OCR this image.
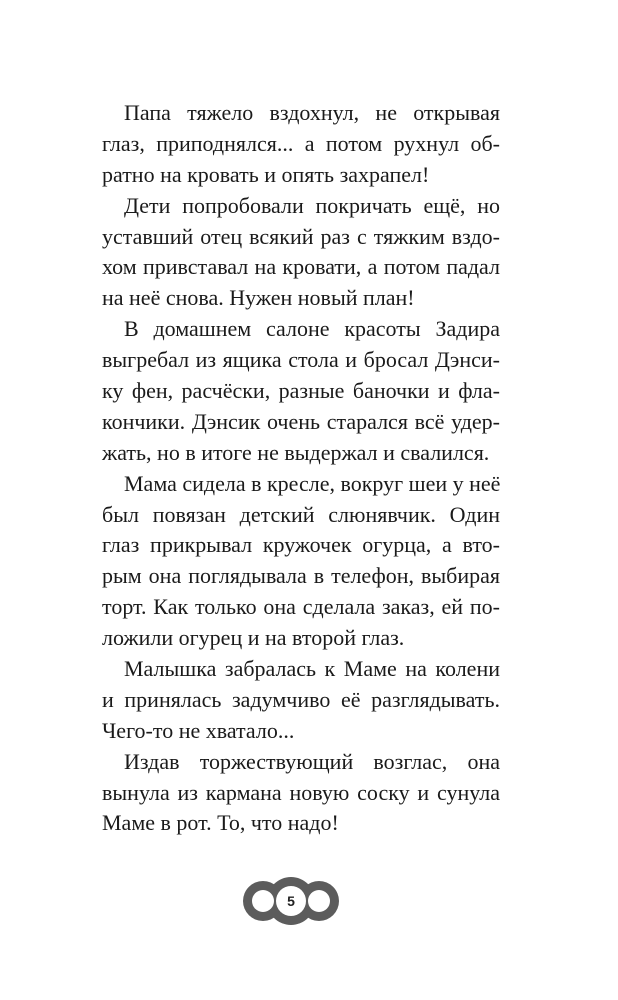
Папа тяжело вздохнул, не открывая
глаз, приподнялся... а потом рухнул об-
ратно на кровать и опять захрапел!
Дети попробовали покричать ещё, но
уставший отец всякий раз с тяжким вздо-
хом привставал на кровати, а потом падал
на неё снова. Нужен новый план!
В домашнем салоне красоты Задира
выгребал из ящика стола и бросал Дэнси-
ку фен, расчёски, разные баночки и фла-
кончики. Дэнсик очень старался всё удер-
жать, но в итоге не выдержал и свалился.
Мама сидела в кресле, вокруг шеи у неё
был повязан детский слюнявчик. Один
глаз прикрывал кружочек огурца, а вто-
рым она поглядывала в телефон, выбирая
торт. Как только она сделала заказ, ей по-
ложили огурец и на второй глаз.
Малышка забралась к Маме на колени
и принялась задумчиво её разглядывать.
Чего-то не хватало...
Издав торжествующий возглас, она
вынула из кармана новую соску и сунула
Маме в рот. То, что надо!
5
